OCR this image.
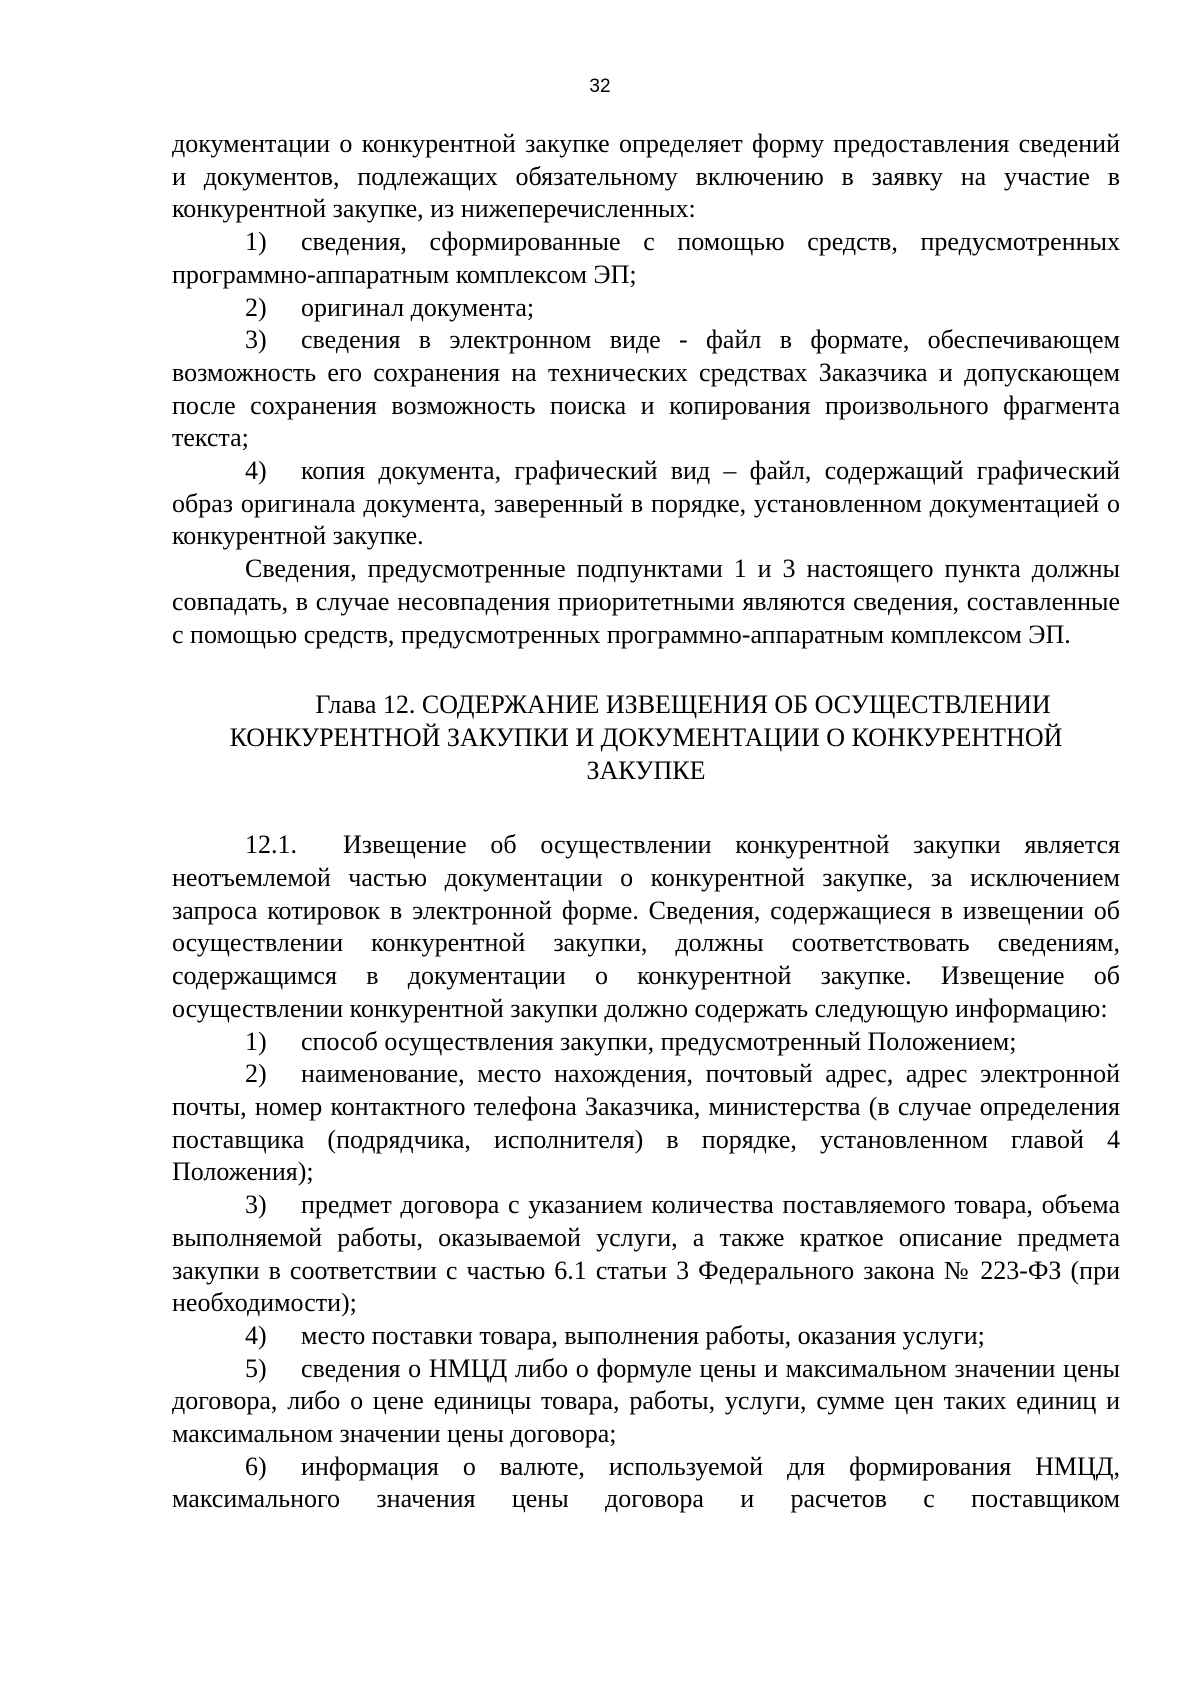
32

документации о конкурентной закупке определяет форму предоставления сведений и документов, подлежащих обязательному включению в заявку на участие в конкурентной закупке, из нижеперечисленных:

1) сведения, сформированные с помощью средств, предусмотренных программно-аппаратным комплексом ЭП;

2) оригинал документа;

3) сведения в электронном виде - файл в формате, обеспечивающем возможность его сохранения на технических средствах Заказчика и допускающем после сохранения возможность поиска и копирования произвольного фрагмента текста;

4) копия документа, графический вид – файл, содержащий графический образ оригинала документа, заверенный в порядке, установленном документацией о конкурентной закупке.

Сведения, предусмотренные подпунктами 1 и 3 настоящего пункта должны совпадать, в случае несовпадения приоритетными являются сведения, составленные с помощью средств, предусмотренных программно-аппаратным комплексом ЭП.

Глава 12. СОДЕРЖАНИЕ ИЗВЕЩЕНИЯ ОБ ОСУЩЕСТВЛЕНИИ
КОНКУРЕНТНОЙ ЗАКУПКИ И ДОКУМЕНТАЦИИ О КОНКУРЕНТНОЙ
ЗАКУПКЕ

12.1. Извещение об осуществлении конкурентной закупки является неотъемлемой частью документации о конкурентной закупке, за исключением запроса котировок в электронной форме. Сведения, содержащиеся в извещении об осуществлении конкурентной закупки, должны соответствовать сведениям, содержащимся в документации о конкурентной закупке. Извещение об осуществлении конкурентной закупки должно содержать следующую информацию:

1) способ осуществления закупки, предусмотренный Положением;

2) наименование, место нахождения, почтовый адрес, адрес электронной почты, номер контактного телефона Заказчика, министерства (в случае определения поставщика (подрядчика, исполнителя) в порядке, установленном главой 4 Положения);

3) предмет договора с указанием количества поставляемого товара, объема выполняемой работы, оказываемой услуги, а также краткое описание предмета закупки в соответствии с частью 6.1 статьи 3 Федерального закона № 223-ФЗ (при необходимости);

4) место поставки товара, выполнения работы, оказания услуги;

5) сведения о НМЦД либо о формуле цены и максимальном значении цены договора, либо о цене единицы товара, работы, услуги, сумме цен таких единиц и максимальном значении цены договора;

6) информация о валюте, используемой для формирования НМЦД, максимального значения цены договора и расчетов с поставщиком
